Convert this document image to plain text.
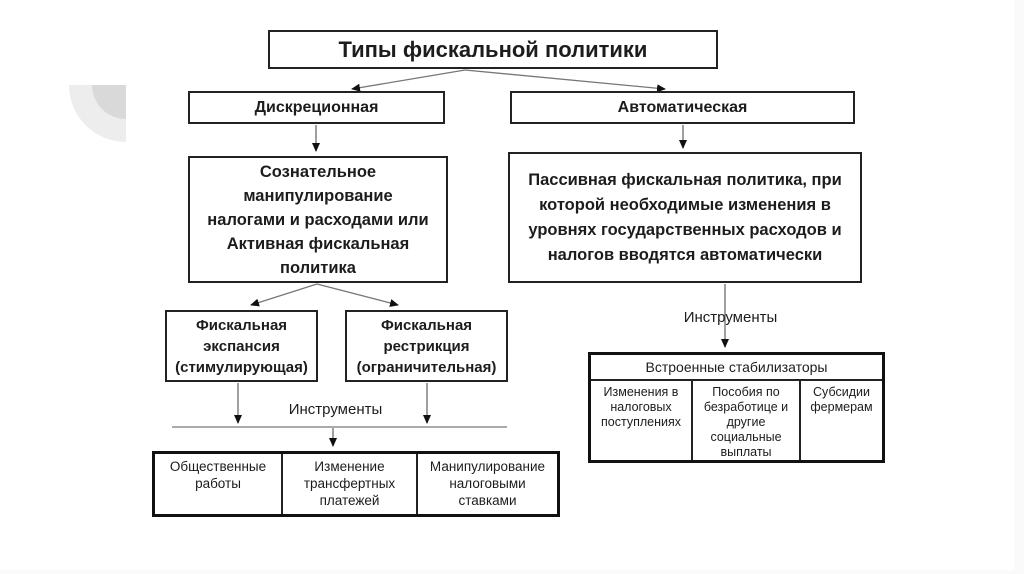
Типы фискальной политики
Дискреционная	Автоматическая
Сознательное манипулирование налогами и расходами или Активная фискальная политика
Пассивная фискальная политика, при которой необходимые изменения в уровнях государственных расходов и налогов вводятся автоматически
Фискальная экспансия (стимулирующая)
Фискальная рестрикция (ограничительная)
Инструменты
Инструменты
Общественные работы
Изменение трансфертных платежей
Манипулирование налоговыми ставками
Встроенные стабилизаторы
Изменения в налоговых поступлениях
Пособия по безработице и другие социальные выплаты
Субсидии фермерам
